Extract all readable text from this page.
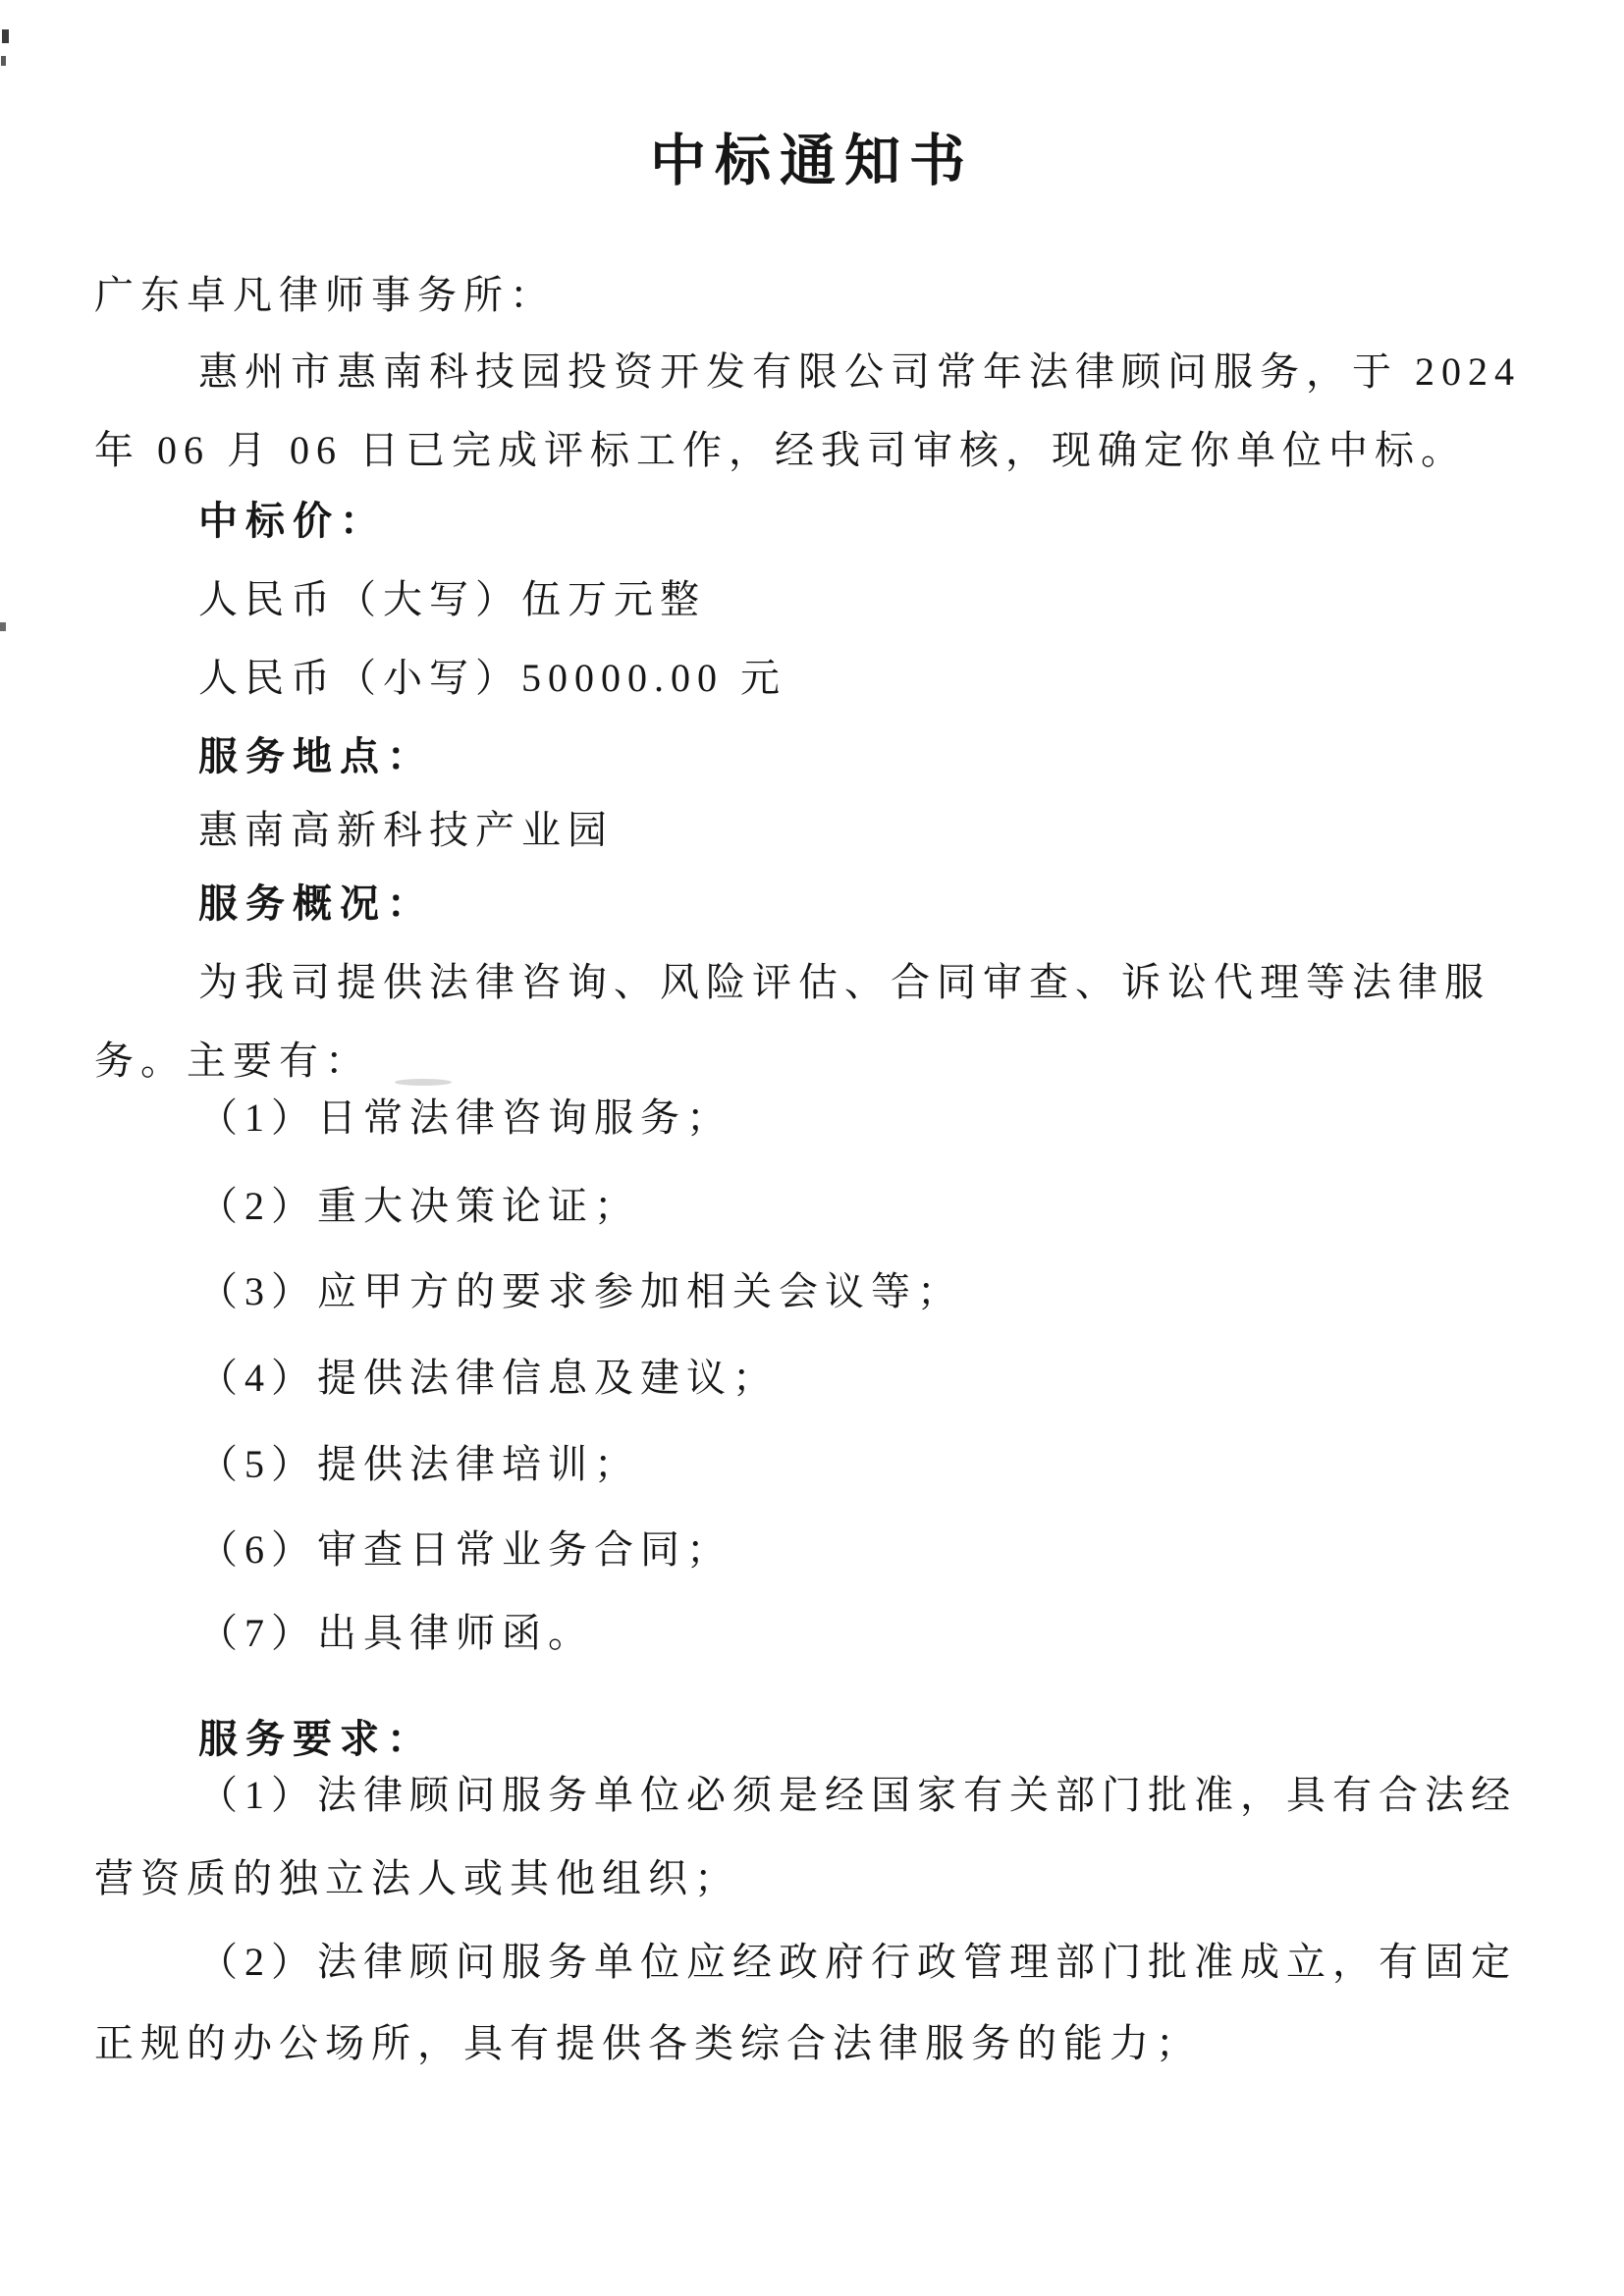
中标通知书
广东卓凡律师事务所：
惠州市惠南科技园投资开发有限公司常年法律顾问服务，于 2024
年 06 月 06 日已完成评标工作，经我司审核，现确定你单位中标。
中标价：
人民币（大写）伍万元整
人民币（小写）50000.00 元
服务地点：
惠南高新科技产业园
服务概况：
为我司提供法律咨询、风险评估、合同审查、诉讼代理等法律服
务。主要有：
（1）日常法律咨询服务；
（2）重大决策论证；
（3）应甲方的要求参加相关会议等；
（4）提供法律信息及建议；
（5）提供法律培训；
（6）审查日常业务合同；
（7）出具律师函。
服务要求：
（1）法律顾问服务单位必须是经国家有关部门批准，具有合法经
营资质的独立法人或其他组织；
（2）法律顾问服务单位应经政府行政管理部门批准成立，有固定
正规的办公场所，具有提供各类综合法律服务的能力；
